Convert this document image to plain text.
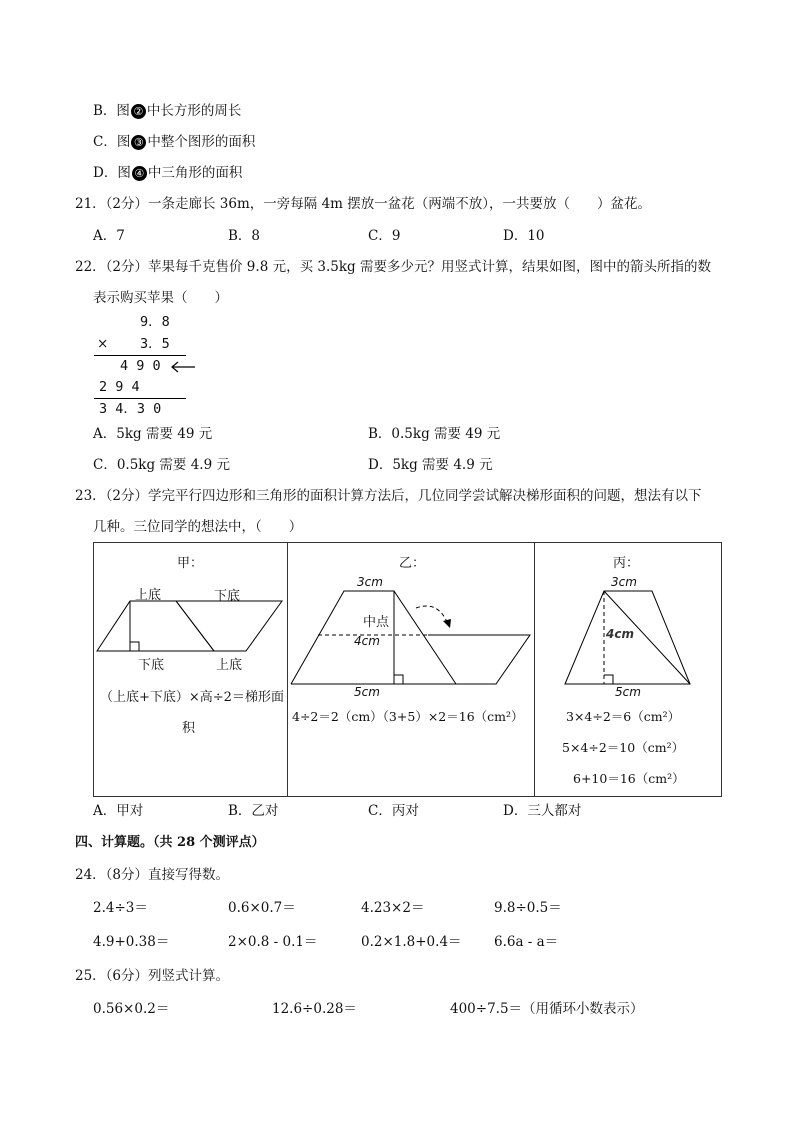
B．图 ② 中长方形的周长
C．图 ③ 中整个图形的面积
D．图 ④ 中三角形的面积
21．（2分）一条走廊长 36m，一旁每隔 4m 摆放一盆花（两端不放），一共要放（　　）盆花。
A．7	B．8	C．9	D．10
22．（2分）苹果每千克售价 9.8 元，买 3.5kg 需要多少元？用竖式计算，结果如图，图中的箭头所指的数
表示购买苹果（　　）
9．8
× 3．5
4 9 0
2 9 4
3 4．3 0
A．5kg 需要 49 元	B．0.5kg 需要 49 元
C．0.5kg 需要 4.9 元	D．5kg 需要 4.9 元
23．（2分）学完平行四边形和三角形的面积计算方法后，几位同学尝试解决梯形面积的问题，想法有以下
几种。三位同学的想法中，（　　）
甲：
上底	下底
下底	上底
（上底+下底）×高÷2＝梯形面
积
乙：
3cm
中点
4cm
5cm
4÷2＝2（cm）（3+5）×2＝16（cm²）
丙：
3cm
4cm
5cm
3×4÷2＝6（cm²）
5×4÷2＝10（cm²）
6+10＝16（cm²）
A．甲对	B．乙对	C．丙对	D．三人都对
四、计算题。（共 28 个测评点）
24．（8分）直接写得数。
2.4÷3＝	0.6×0.7＝	4.23×2＝	9.8÷0.5＝
4.9+0.38＝	2×0.8 - 0.1＝	0.2×1.8+0.4＝ 6.6a - a＝
25．（6分）列竖式计算。
0.56×0.2＝	12.6÷0.28＝	400÷7.5＝（用循环小数表示）
